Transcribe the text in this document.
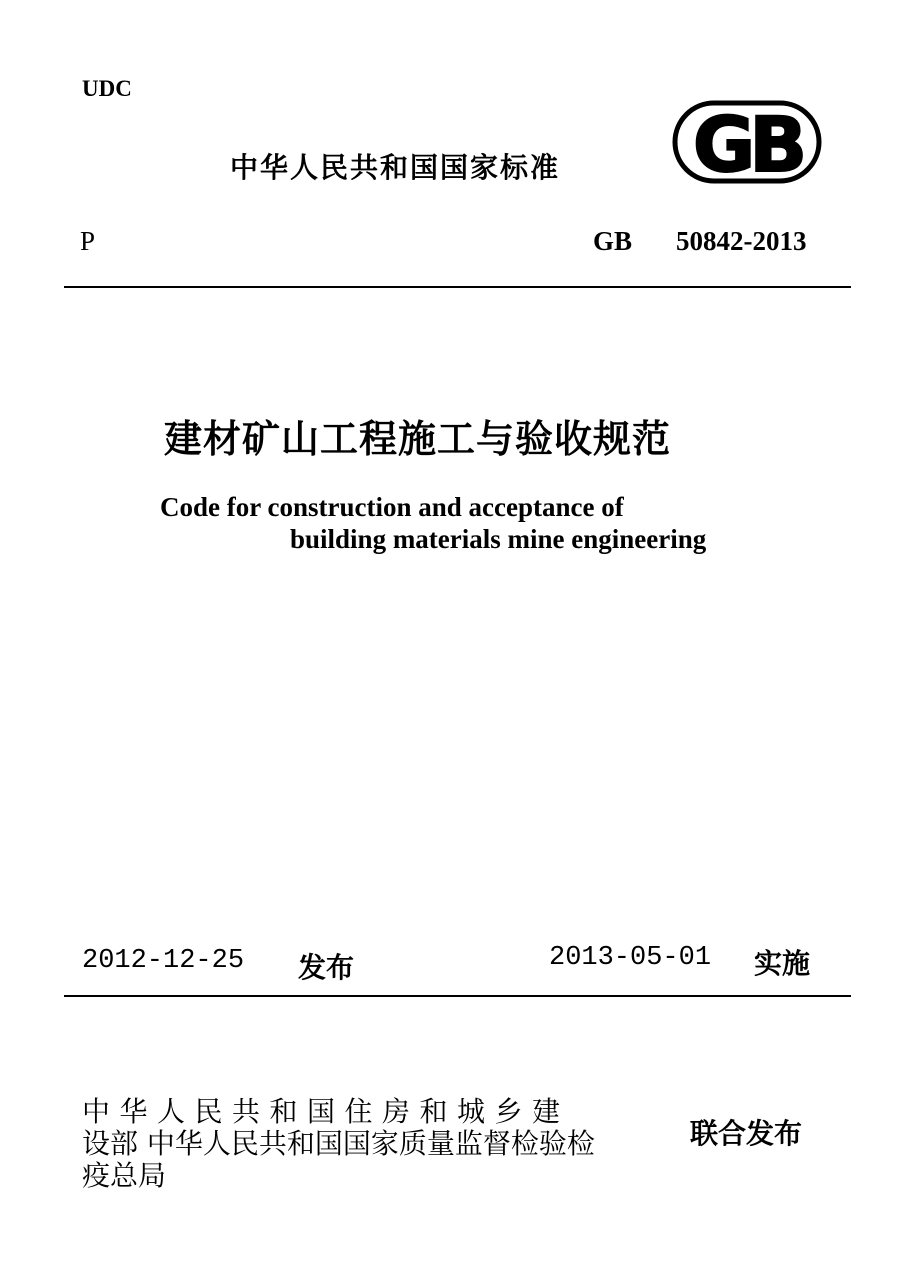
UDC
中华人民共和国国家标准 GB
P	GB 50842-2013
建材矿山工程施工与验收规范
Code for construction and acceptance of
building materials mine engineering
2012-12-25 发布	2013-05-01 实施
中华人民共和国住房和城乡建
设部 中华人民共和国国家质量监督检验检
疫总局
联合发布
